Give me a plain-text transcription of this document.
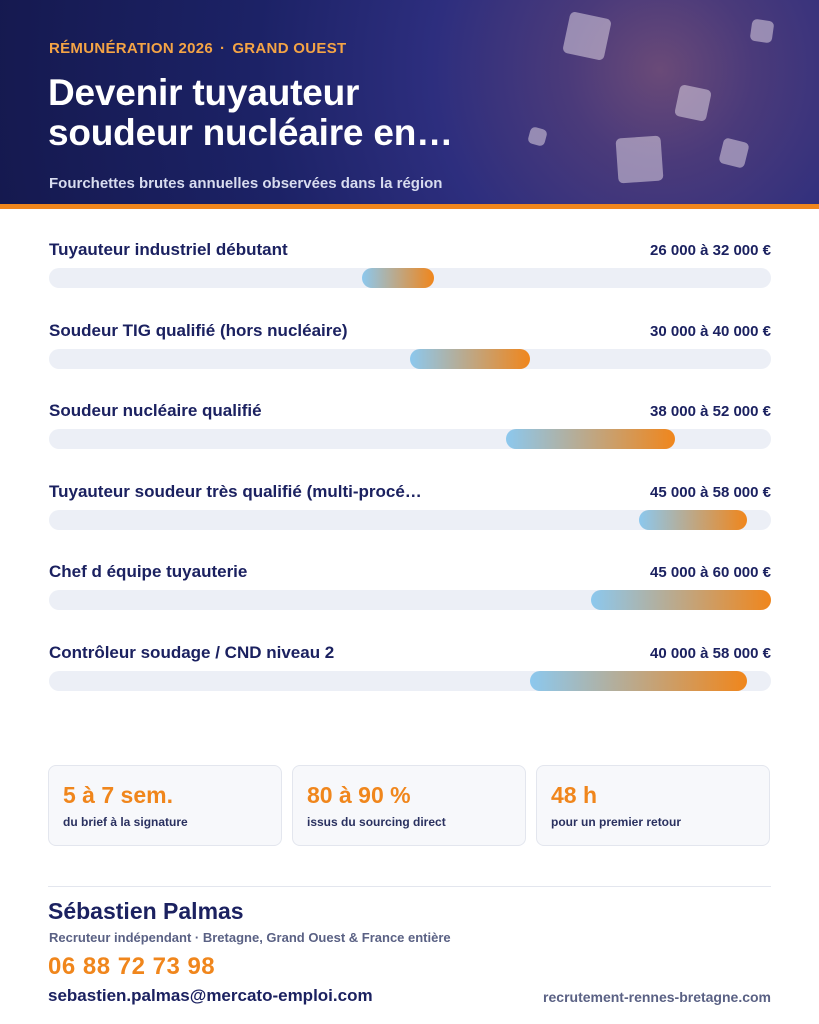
RÉMUNÉRATION 2026 · GRAND OUEST
Devenir tuyauteur
soudeur nucléaire en…
Fourchettes brutes annuelles observées dans la région
Tuyauteur industriel débutant	26 000 à 32 000 €
Soudeur TIG qualifié (hors nucléaire)	30 000 à 40 000 €
Soudeur nucléaire qualifié	38 000 à 52 000 €
Tuyauteur soudeur très qualifié (multi-procé…	45 000 à 58 000 €
Chef d équipe tuyauterie	45 000 à 60 000 €
Contrôleur soudage / CND niveau 2	40 000 à 58 000 €
5 à 7 sem.
du brief à la signature
80 à 90 %
issus du sourcing direct
48 h
pour un premier retour
Sébastien Palmas
Recruteur indépendant · Bretagne, Grand Ouest & France entière
06 88 72 73 98
sebastien.palmas@mercato-emploi.com	recrutement-rennes-bretagne.com
